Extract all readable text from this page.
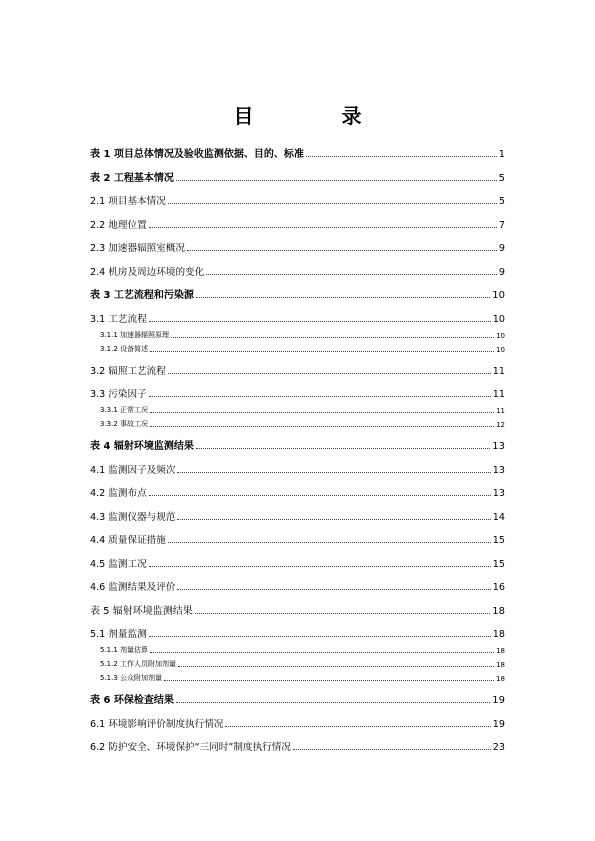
目　录
表 1 项目总体情况及验收监测依据、目的、标准	1
表 2 工程基本情况	5
2.1 项目基本情况	5
2.2 地理位置	7
2.3 加速器辐照室概况	9
2.4 机房及周边环境的变化	9
表 3 工艺流程和污染源	10
3.1 工艺流程	10
3.1.1 加速器辐照原理	10
3.1.2 设备简述	10
3.2 辐照工艺流程	11
3.3 污染因子	11
3.3.1 正常工况	11
3.3.2 事故工况	12
表 4 辐射环境监测结果	13
4.1 监测因子及频次	13
4.2 监测布点	13
4.3 监测仪器与规范	14
4.4 质量保证措施	15
4.5 监测工况	15
4.6 监测结果及评价	16
表 5 辐射环境监测结果	18
5.1 剂量监测	18
5.1.1 剂量估算	18
5.1.2 工作人员附加剂量	18
5.1.3 公众附加剂量	18
表 6 环保检查结果	19
6.1 环境影响评价制度执行情况	19
6.2 防护安全、环境保护“三同时”制度执行情况	23
